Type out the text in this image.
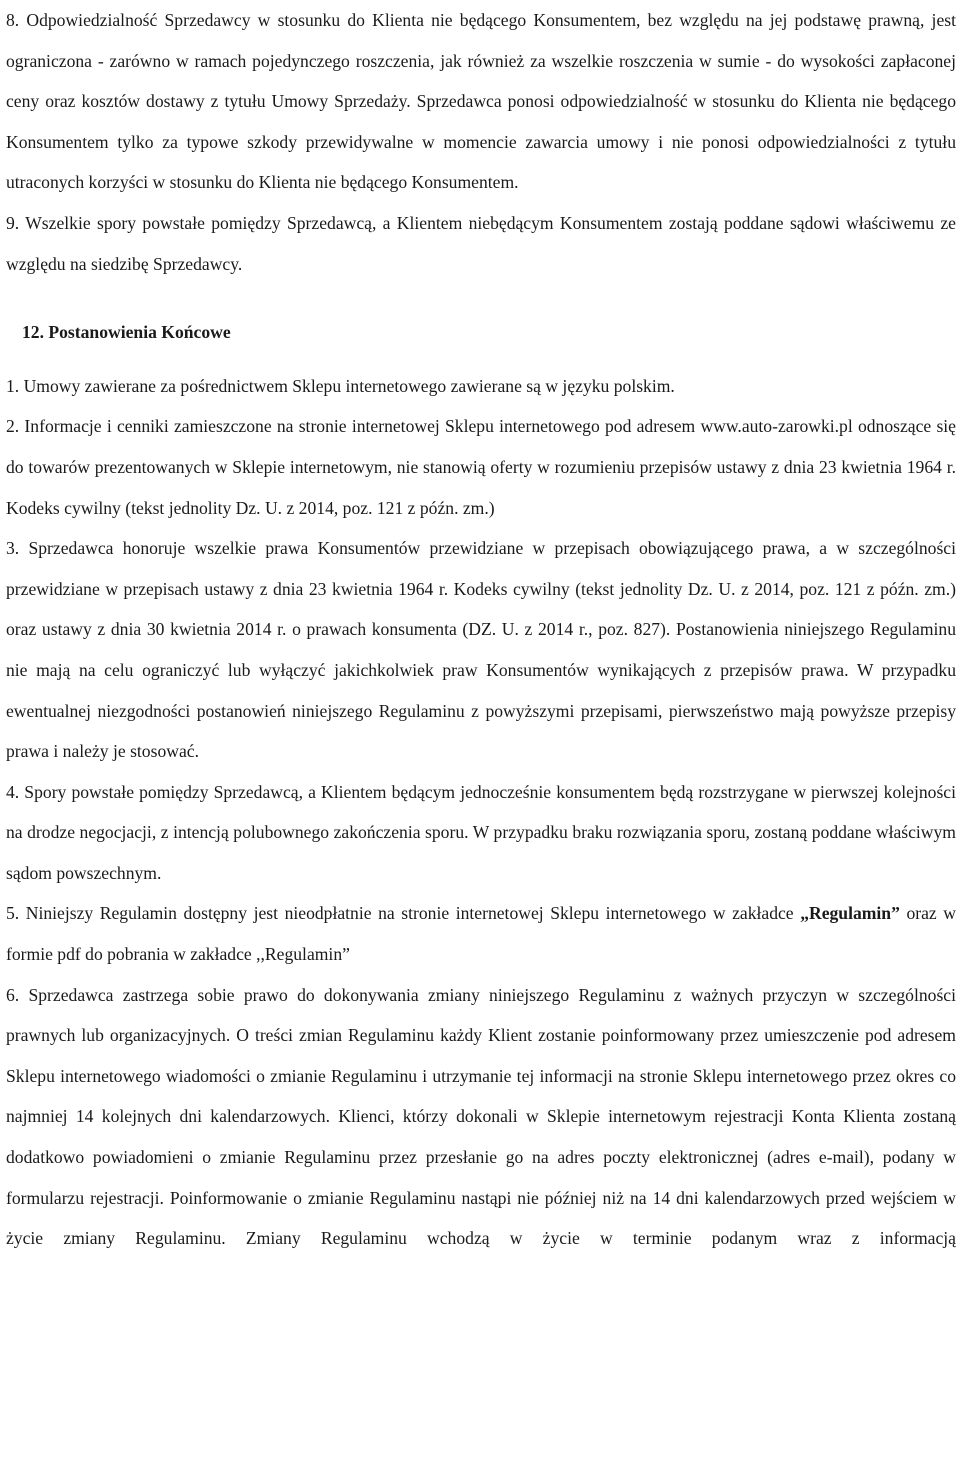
8. Odpowiedzialność Sprzedawcy w stosunku do Klienta nie będącego Konsumentem, bez względu na jej podstawę prawną, jest ograniczona - zarówno w ramach pojedynczego roszczenia, jak również za wszelkie roszczenia w sumie - do wysokości zapłaconej ceny oraz kosztów dostawy z tytułu Umowy Sprzedaży. Sprzedawca ponosi odpowiedzialność w stosunku do Klienta nie będącego Konsumentem tylko za typowe szkody przewidywalne w momencie zawarcia umowy i nie ponosi odpowiedzialności z tytułu utraconych korzyści w stosunku do Klienta nie będącego Konsumentem.

9. Wszelkie spory powstałe pomiędzy Sprzedawcą, a Klientem niebędącym Konsumentem zostają poddane sądowi właściwemu ze względu na siedzibę Sprzedawcy.

12. Postanowienia Końcowe

1. Umowy zawierane za pośrednictwem Sklepu internetowego zawierane są w języku polskim.

2. Informacje i cenniki zamieszczone na stronie internetowej Sklepu internetowego pod adresem www.auto-zarowki.pl odnoszące się do towarów prezentowanych w Sklepie internetowym, nie stanowią oferty w rozumieniu przepisów ustawy z dnia 23 kwietnia 1964 r. Kodeks cywilny (tekst jednolity Dz. U. z 2014, poz. 121 z późn. zm.)

3. Sprzedawca honoruje wszelkie prawa Konsumentów przewidziane w przepisach obowiązującego prawa, a w szczególności przewidziane w przepisach ustawy z dnia 23 kwietnia 1964 r. Kodeks cywilny (tekst jednolity Dz. U. z 2014, poz. 121 z późn. zm.) oraz ustawy z dnia 30 kwietnia 2014 r. o prawach konsumenta (DZ. U. z 2014 r., poz. 827). Postanowienia niniejszego Regulaminu nie mają na celu ograniczyć lub wyłączyć jakichkolwiek praw Konsumentów wynikających z przepisów prawa. W przypadku ewentualnej niezgodności postanowień niniejszego Regulaminu z powyższymi przepisami, pierwszeństwo mają powyższe przepisy prawa i należy je stosować.

4. Spory powstałe pomiędzy Sprzedawcą, a Klientem będącym jednocześnie konsumentem będą rozstrzygane w pierwszej kolejności na drodze negocjacji, z intencją polubownego zakończenia sporu. W przypadku braku rozwiązania sporu, zostaną poddane właściwym sądom powszechnym.

5. Niniejszy Regulamin dostępny jest nieodpłatnie na stronie internetowej Sklepu internetowego w zakładce „Regulamin” oraz w formie pdf do pobrania w zakładce ,,Regulamin”

6. Sprzedawca zastrzega sobie prawo do dokonywania zmiany niniejszego Regulaminu z ważnych przyczyn w szczególności prawnych lub organizacyjnych. O treści zmian Regulaminu każdy Klient zostanie poinformowany przez umieszczenie pod adresem Sklepu internetowego wiadomości o zmianie Regulaminu i utrzymanie tej informacji na stronie Sklepu internetowego przez okres co najmniej 14 kolejnych dni kalendarzowych. Klienci, którzy dokonali w Sklepie internetowym rejestracji Konta Klienta zostaną dodatkowo powiadomieni o zmianie Regulaminu przez przesłanie go na adres poczty elektronicznej (adres e-mail), podany w formularzu rejestracji. Poinformowanie o zmianie Regulaminu nastąpi nie później niż na 14 dni kalendarzowych przed wejściem w życie zmiany Regulaminu. Zmiany Regulaminu wchodzą w życie w terminie podanym wraz z informacją
